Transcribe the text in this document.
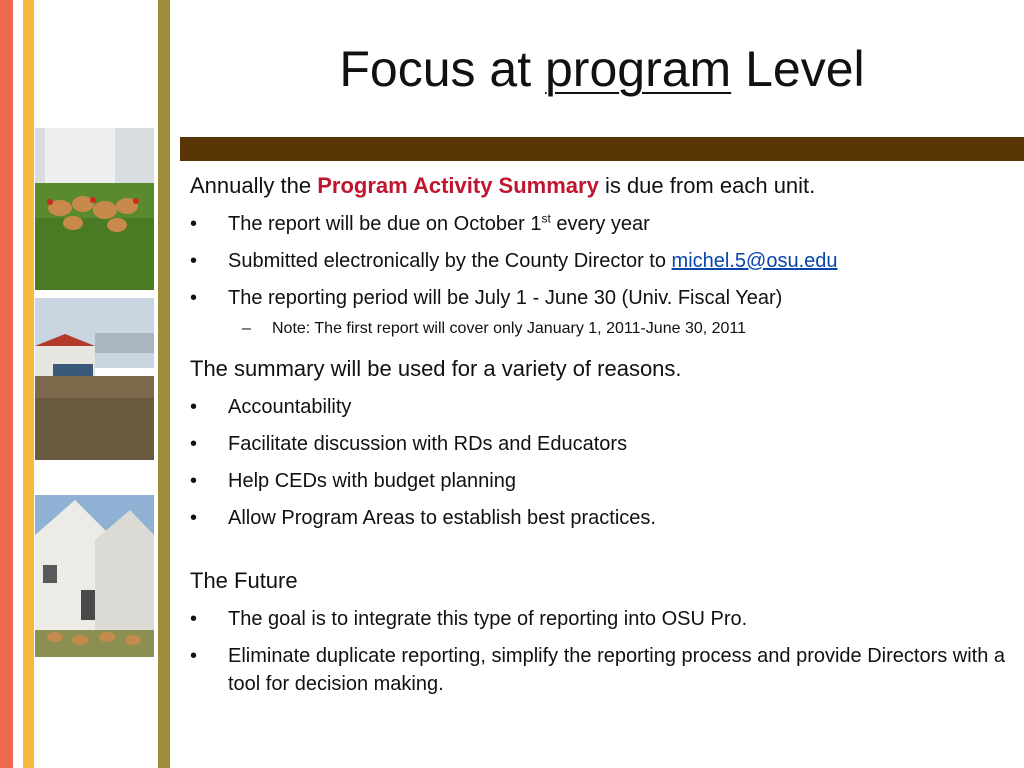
Focus at program Level

Annually the Program Activity Summary is due from each unit.

• The report will be due on October 1st every year
• Submitted electronically by the County Director to michel.5@osu.edu
• The reporting period will be July 1 - June 30 (Univ. Fiscal Year)
– Note: The first report will cover only January 1, 2011-June 30, 2011

The summary will be used for a variety of reasons.

• Accountability
• Facilitate discussion with RDs and Educators
• Help CEDs with budget planning
• Allow Program Areas to establish best practices.

The Future

• The goal is to integrate this type of reporting into OSU Pro.
• Eliminate duplicate reporting, simplify the reporting process and provide Directors with a tool for decision making.
